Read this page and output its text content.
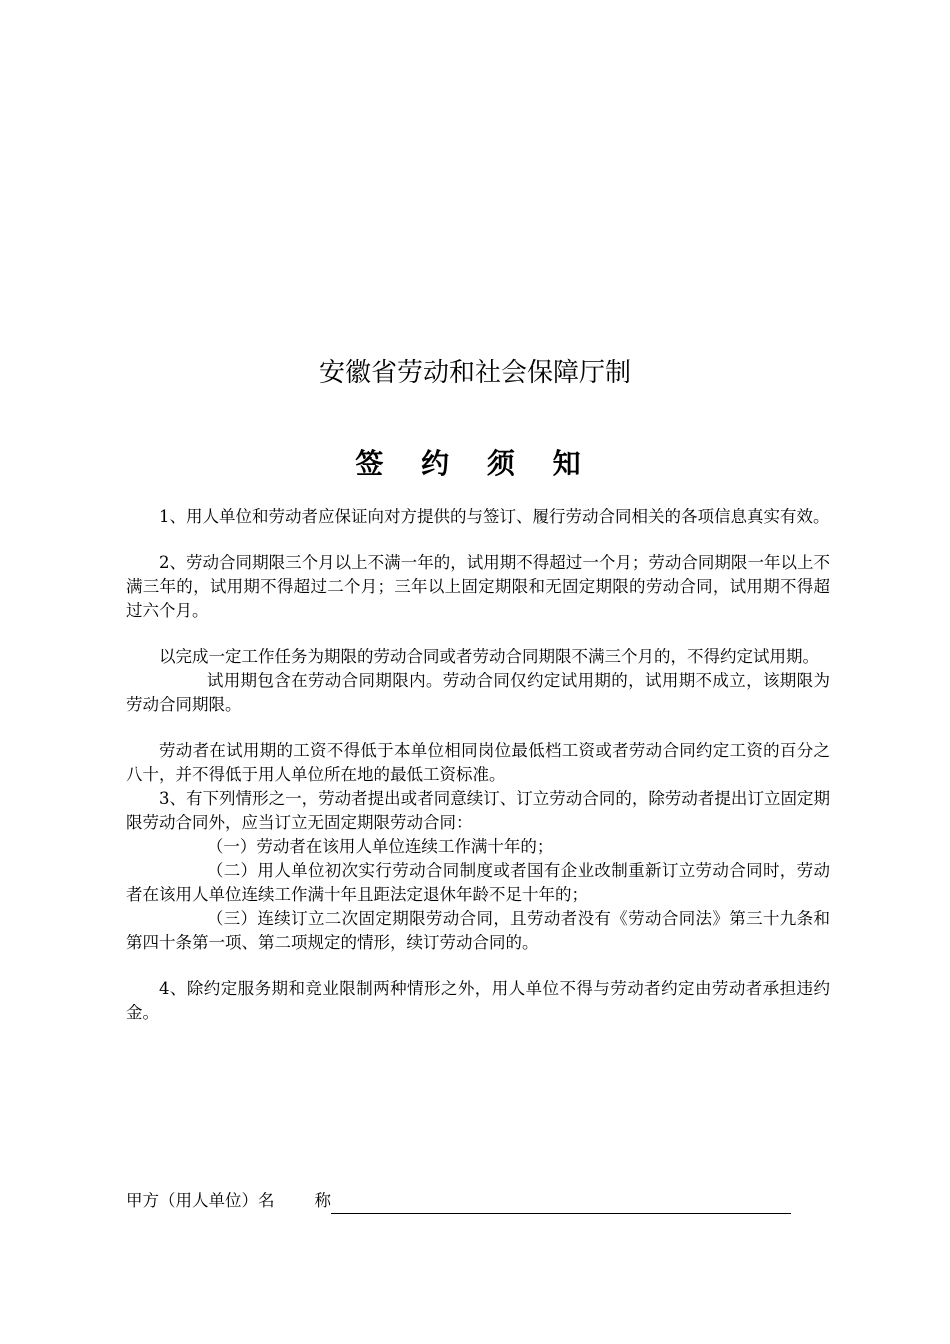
安徽省劳动和社会保障厅制
签 约 须 知

1、用人单位和劳动者应保证向对方提供的与签订、履行劳动合同相关的各项信息真实有效。

2、劳动合同期限三个月以上不满一年的，试用期不得超过一个月；劳动合同期限一年以上不满三年的，试用期不得超过二个月；三年以上固定期限和无固定期限的劳动合同，试用期不得超过六个月。

以完成一定工作任务为期限的劳动合同或者劳动合同期限不满三个月的，不得约定试用期。

试用期包含在劳动合同期限内。劳动合同仅约定试用期的，试用期不成立，该期限为劳动合同期限。

劳动者在试用期的工资不得低于本单位相同岗位最低档工资或者劳动合同约定工资的百分之八十，并不得低于用人单位所在地的最低工资标准。

3、有下列情形之一，劳动者提出或者同意续订、订立劳动合同的，除劳动者提出订立固定期限劳动合同外，应当订立无固定期限劳动合同：

（一）劳动者在该用人单位连续工作满十年的；

（二）用人单位初次实行劳动合同制度或者国有企业改制重新订立劳动合同时，劳动者在该用人单位连续工作满十年且距法定退休年龄不足十年的；

（三）连续订立二次固定期限劳动合同，且劳动者没有《劳动合同法》第三十九条和第四十条第一项、第二项规定的情形，续订劳动合同的。

4、除约定服务期和竞业限制两种情形之外，用人单位不得与劳动者约定由劳动者承担违约金。

甲方（用人单位）名 称
